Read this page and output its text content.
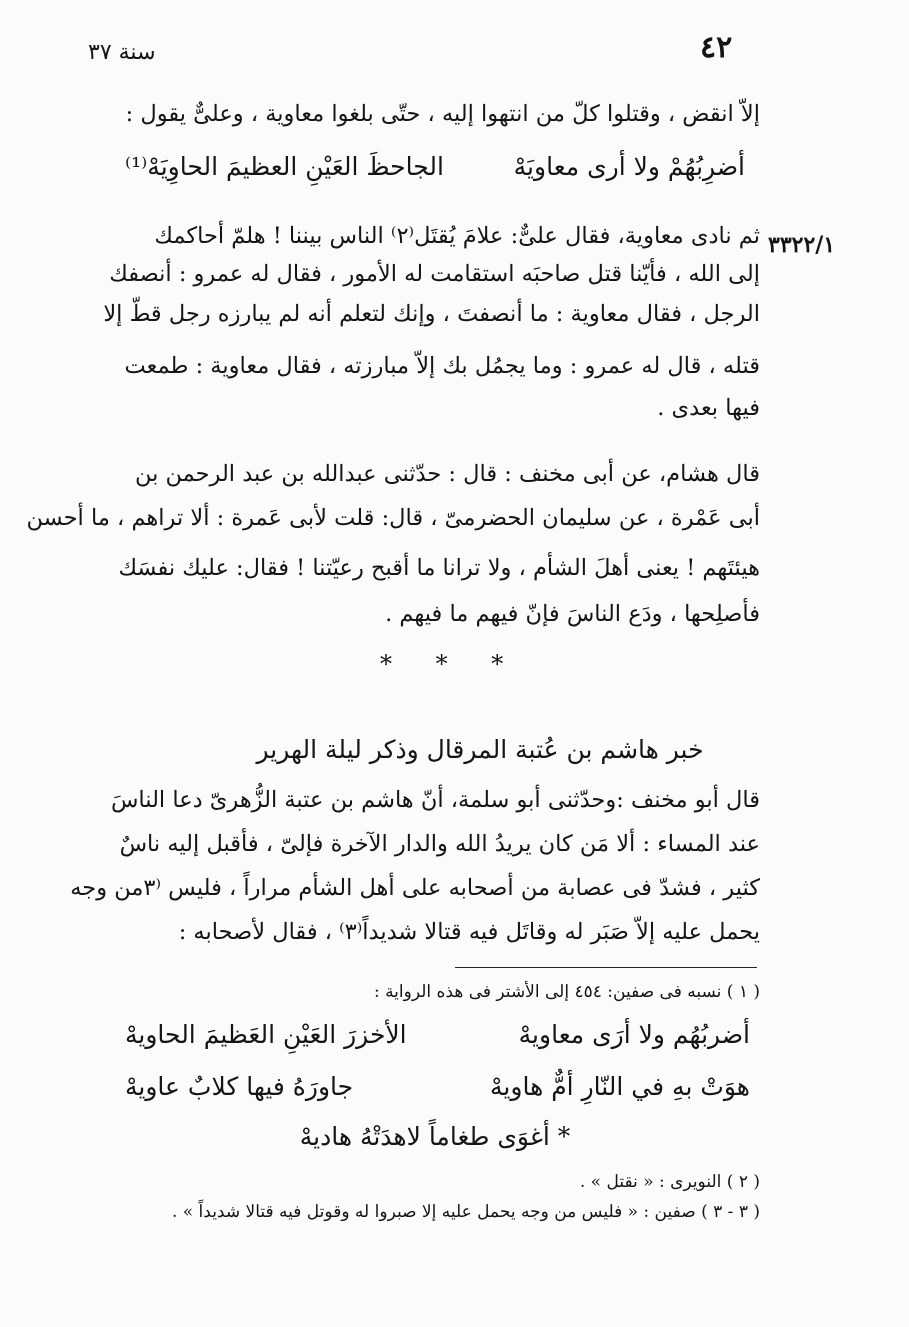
٤٢
سنة ٣٧
٣٣٢٢/١
إلاّ انقض ، وقتلوا كلّ من انتهوا إليه ، حتّى بلغوا معاوية ، وعلىٌّ يقول :
أضرِبُهُمْ ولا أرى معاويَهْ
الجاحظَ العَيْنِ العظيمَ الحاوِيَهْ⁽¹⁾
ثم نادى معاوية، فقال علىٌّ: علامَ يُقتَل⁽٢⁾ الناس بيننا ! هلمّ أحاكمك
إلى الله ، فأيّنا قتل صاحبَه استقامت له الأمور ، فقال له عمرو : أنصفك
الرجل ، فقال معاوية : ما أنصفتَ ، وإنك لتعلم أنه لم يبارزه رجل قطّ إلا
قتله ، قال له عمرو : وما يجمُل بك إلاّ مبارزته ، فقال معاوية : طمعت
فيها بعدى .
قال هشام، عن أبى مخنف : قال : حدّثنى عبدالله بن عبد الرحمن بن
أبى عَمْرة ، عن سليمان الحضرمىّ ، قال: قلت لأبى عَمرة : ألا تراهم ، ما أحسن
هيئتَهم ! يعنى أهلَ الشأم ، ولا ترانا ما أقبح رعيّتنا ! فقال: عليك نفسَك
فأصلِحها ، ودَع الناسَ فإنّ فيهم ما فيهم .
* * *
خبر هاشم بن عُتبة المرقال وذكر ليلة الهرير
قال أبو مخنف :وحدّثنى أبو سلمة، أنّ هاشم بن عتبة الزُّهرىّ دعا الناسَ
عند المساء : ألا مَن كان يريدُ الله والدار الآخرة فإلىّ ، فأقبل إليه ناسٌ
كثير ، فشدّ فى عصابة من أصحابه على أهل الشأم مراراً ، فليس ⁽٣من وجه
يحمل عليه إلاّ صَبَر له وقاتَل فيه قتالا شديداً⁽٣⁾ ، فقال لأصحابه :
( ١ ) نسبه فى صفين: ٤٥٤ إلى الأشتر فى هذه الرواية :
أضربُهُم ولا أرَى معاويهْ
الأخزرَ العَيْنِ العَظيمَ الحاويهْ
هوَتْ بهِ في النّارِ أمٌّ هاويهْ
جاورَهُ فيها كلابٌ عاويهْ
* أغوَى طغاماً لاهدَتْهُ هاديهْ
( ٢ ) النويرى : « نقتل » .
( ٣ - ٣ ) صفين : « فليس من وجه يحمل عليه إلا صبروا له وقوتل فيه قتالا شديداً » .
